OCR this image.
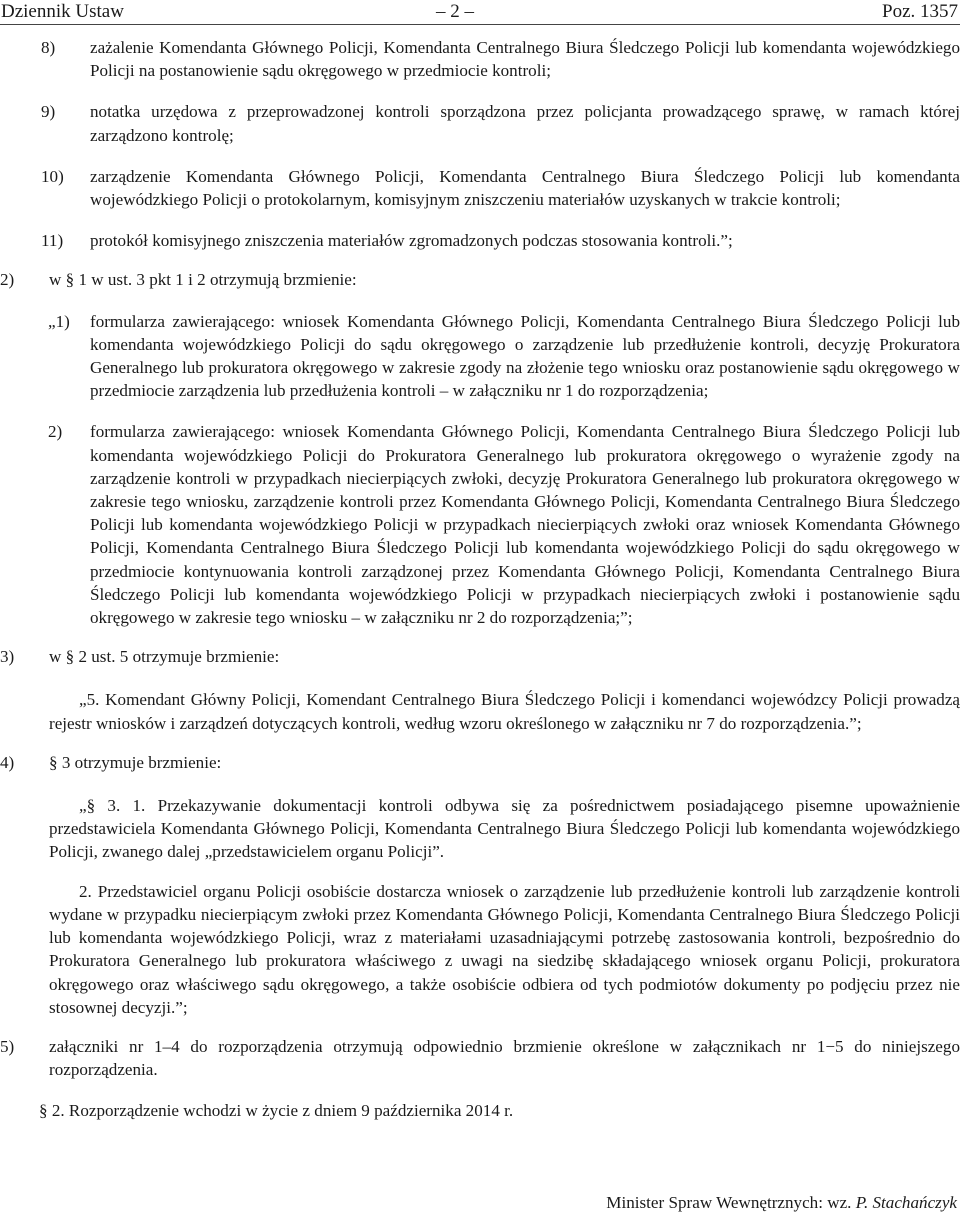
Dziennik Ustaw	– 2 –	Poz. 1357
8) zażalenie Komendanta Głównego Policji, Komendanta Centralnego Biura Śledczego Policji lub komendanta wojewódzkiego Policji na postanowienie sądu okręgowego w przedmiocie kontroli;
9) notatka urzędowa z przeprowadzonej kontroli sporządzona przez policjanta prowadzącego sprawę, w ramach której zarządzono kontrolę;
10) zarządzenie Komendanta Głównego Policji, Komendanta Centralnego Biura Śledczego Policji lub komendanta wojewódzkiego Policji o protokolarnym, komisyjnym zniszczeniu materiałów uzyskanych w trakcie kontroli;
11) protokół komisyjnego zniszczenia materiałów zgromadzonych podczas stosowania kontroli.”;
2) w § 1 w ust. 3 pkt 1 i 2 otrzymują brzmienie:
„1) formularza zawierającego: wniosek Komendanta Głównego Policji, Komendanta Centralnego Biura Śledczego Policji lub komendanta wojewódzkiego Policji do sądu okręgowego o zarządzenie lub przedłużenie kontroli, decyzję Prokuratora Generalnego lub prokuratora okręgowego w zakresie zgody na złożenie tego wniosku oraz postanowienie sądu okręgowego w przedmiocie zarządzenia lub przedłużenia kontroli – w załączniku nr 1 do rozporządzenia;
2) formularza zawierającego: wniosek Komendanta Głównego Policji, Komendanta Centralnego Biura Śledczego Policji lub komendanta wojewódzkiego Policji do Prokuratora Generalnego lub prokuratora okręgowego o wyrażenie zgody na zarządzenie kontroli w przypadkach niecierpiących zwłoki, decyzję Prokuratora Generalnego lub prokuratora okręgowego w zakresie tego wniosku, zarządzenie kontroli przez Komendanta Głównego Policji, Komendanta Centralnego Biura Śledczego Policji lub komendanta wojewódzkiego Policji w przypadkach niecierpiących zwłoki oraz wniosek Komendanta Głównego Policji, Komendanta Centralnego Biura Śledczego Policji lub komendanta wojewódzkiego Policji do sądu okręgowego w przedmiocie kontynuowania kontroli zarządzonej przez Komendanta Głównego Policji, Komendanta Centralnego Biura Śledczego Policji lub komendanta wojewódzkiego Policji w przypadkach niecierpiących zwłoki i postanowienie sądu okręgowego w zakresie tego wniosku – w załączniku nr 2 do rozporządzenia;”;
3) w § 2 ust. 5 otrzymuje brzmienie:
„5. Komendant Główny Policji, Komendant Centralnego Biura Śledczego Policji i komendanci wojewódzcy Policji prowadzą rejestr wniosków i zarządzeń dotyczących kontroli, według wzoru określonego w załączniku nr 7 do rozporządzenia.”;
4) § 3 otrzymuje brzmienie:
„§ 3. 1. Przekazywanie dokumentacji kontroli odbywa się za pośrednictwem posiadającego pisemne upoważnienie przedstawiciela Komendanta Głównego Policji, Komendanta Centralnego Biura Śledczego Policji lub komendanta wojewódzkiego Policji, zwanego dalej „przedstawicielem organu Policji”.
2. Przedstawiciel organu Policji osobiście dostarcza wniosek o zarządzenie lub przedłużenie kontroli lub zarządzenie kontroli wydane w przypadku niecierpiącym zwłoki przez Komendanta Głównego Policji, Komendanta Centralnego Biura Śledczego Policji lub komendanta wojewódzkiego Policji, wraz z materiałami uzasadniającymi potrzebę zastosowania kontroli, bezpośrednio do Prokuratora Generalnego lub prokuratora właściwego z uwagi na siedzibę składającego wniosek organu Policji, prokuratora okręgowego oraz właściwego sądu okręgowego, a także osobiście odbiera od tych podmiotów dokumenty po podjęciu przez nie stosownej decyzji.”;
5) załączniki nr 1–4 do rozporządzenia otrzymują odpowiednio brzmienie określone w załącznikach nr 1−5 do niniejszego rozporządzenia.
§ 2. Rozporządzenie wchodzi w życie z dniem 9 października 2014 r.
Minister Spraw Wewnętrznych: wz. P. Stachańczyk
